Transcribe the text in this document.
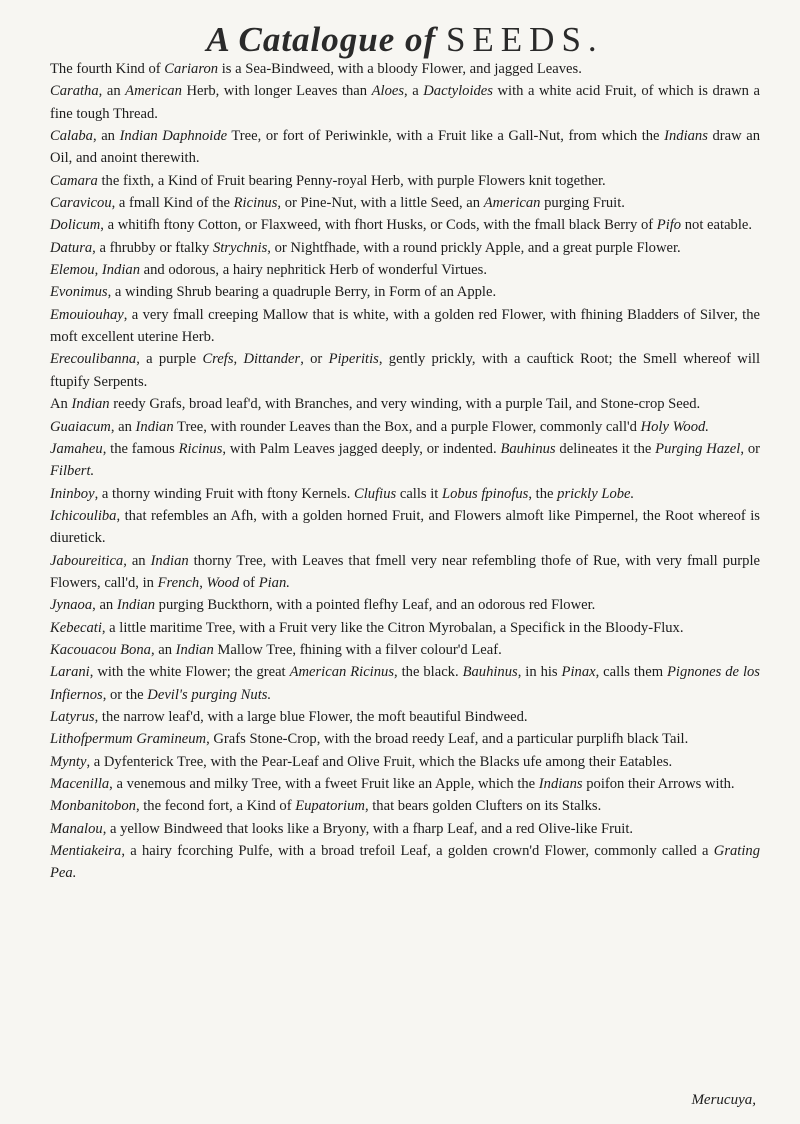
A Catalogue of SEEDS.

The fourth Kind of Cariaron is a Sea-Bindweed, with a bloody Flower, and jagged Leaves.

Caratha, an American Herb, with longer Leaves than Aloes, a Dactyloides with a white acid Fruit, of which is drawn a fine tough Thread.

Calaba, an Indian Daphnoide Tree, or fort of Periwinkle, with a Fruit like a Gall-Nut, from which the Indians draw an Oil, and anoint therewith.

Camara the fixth, a Kind of Fruit bearing Penny-royal Herb, with purple Flowers knit together.

Caravicou, a fmall Kind of the Ricinus, or Pine-Nut, with a little Seed, an American purging Fruit.

Dolicum, a whitifh ftony Cotton, or Flaxweed, with fhort Husks, or Cods, with the fmall black Berry of Pifo not eatable.

Datura, a fhrubby or ftalky Strychnis, or Nightfhade, with a round prickly Apple, and a great purple Flower.

Elemou, Indian and odorous, a hairy nephritick Herb of wonderful Virtues.

Evonimus, a winding Shrub bearing a quadruple Berry, in Form of an Apple.

Emouiouhay, a very fmall creeping Mallow that is white, with a golden red Flower, with fhining Bladders of Silver, the moft excellent uterine Herb.

Erecoulibanna, a purple Crefs, Dittander, or Piperitis, gently prickly, with a cauftick Root; the Smell whereof will ftupify Serpents.

An Indian reedy Grafs, broad leaf'd, with Branches, and very winding, with a purple Tail, and Stone-crop Seed.

Guaiacum, an Indian Tree, with rounder Leaves than the Box, and a purple Flower, commonly call'd Holy Wood.

Jamaheu, the famous Ricinus, with Palm Leaves jagged deeply, or indented. Bauhinus delineates it the Purging Hazel, or Filbert.

Ininboy, a thorny winding Fruit with ftony Kernels. Clufius calls it Lobus fpinofus, the prickly Lobe.

Ichicouliba, that refembles an Afh, with a golden horned Fruit, and Flowers almoft like Pimpernel, the Root whereof is diuretick.

Jaboureitica, an Indian thorny Tree, with Leaves that fmell very near refembling thofe of Rue, with very fmall purple Flowers, call'd, in French, Wood of Pian.

Jynaoa, an Indian purging Buckthorn, with a pointed flefhy Leaf, and an odorous red Flower.

Kebecati, a little maritime Tree, with a Fruit very like the Citron Myrobalan, a Specifick in the Bloody-Flux.

Kacouacou Bona, an Indian Mallow Tree, fhining with a filver colour'd Leaf.

Larani, with the white Flower; the great American Ricinus, the black. Bauhinus, in his Pinax, calls them Pignones de los Infiernos, or the Devil's purging Nuts.

Latyrus, the narrow leaf'd, with a large blue Flower, the moft beautiful Bindweed.

Lithofpermum Gramineum, Grafs Stone-Crop, with the broad reedy Leaf, and a particular purplifh black Tail.

Mynty, a Dyfenterick Tree, with the Pear-Leaf and Olive Fruit, which the Blacks ufe among their Eatables.

Macenilla, a venemous and milky Tree, with a fweet Fruit like an Apple, which the Indians poifon their Arrows with.

Monbanitobon, the fecond fort, a Kind of Eupatorium, that bears golden Clufters on its Stalks.

Manalou, a yellow Bindweed that looks like a Bryony, with a fharp Leaf, and a red Olive-like Fruit.

Mentiakeira, a hairy fcorching Pulfe, with a broad trefoil Leaf, a golden crown'd Flower, commonly called a Grating Pea.

Merucuya,
